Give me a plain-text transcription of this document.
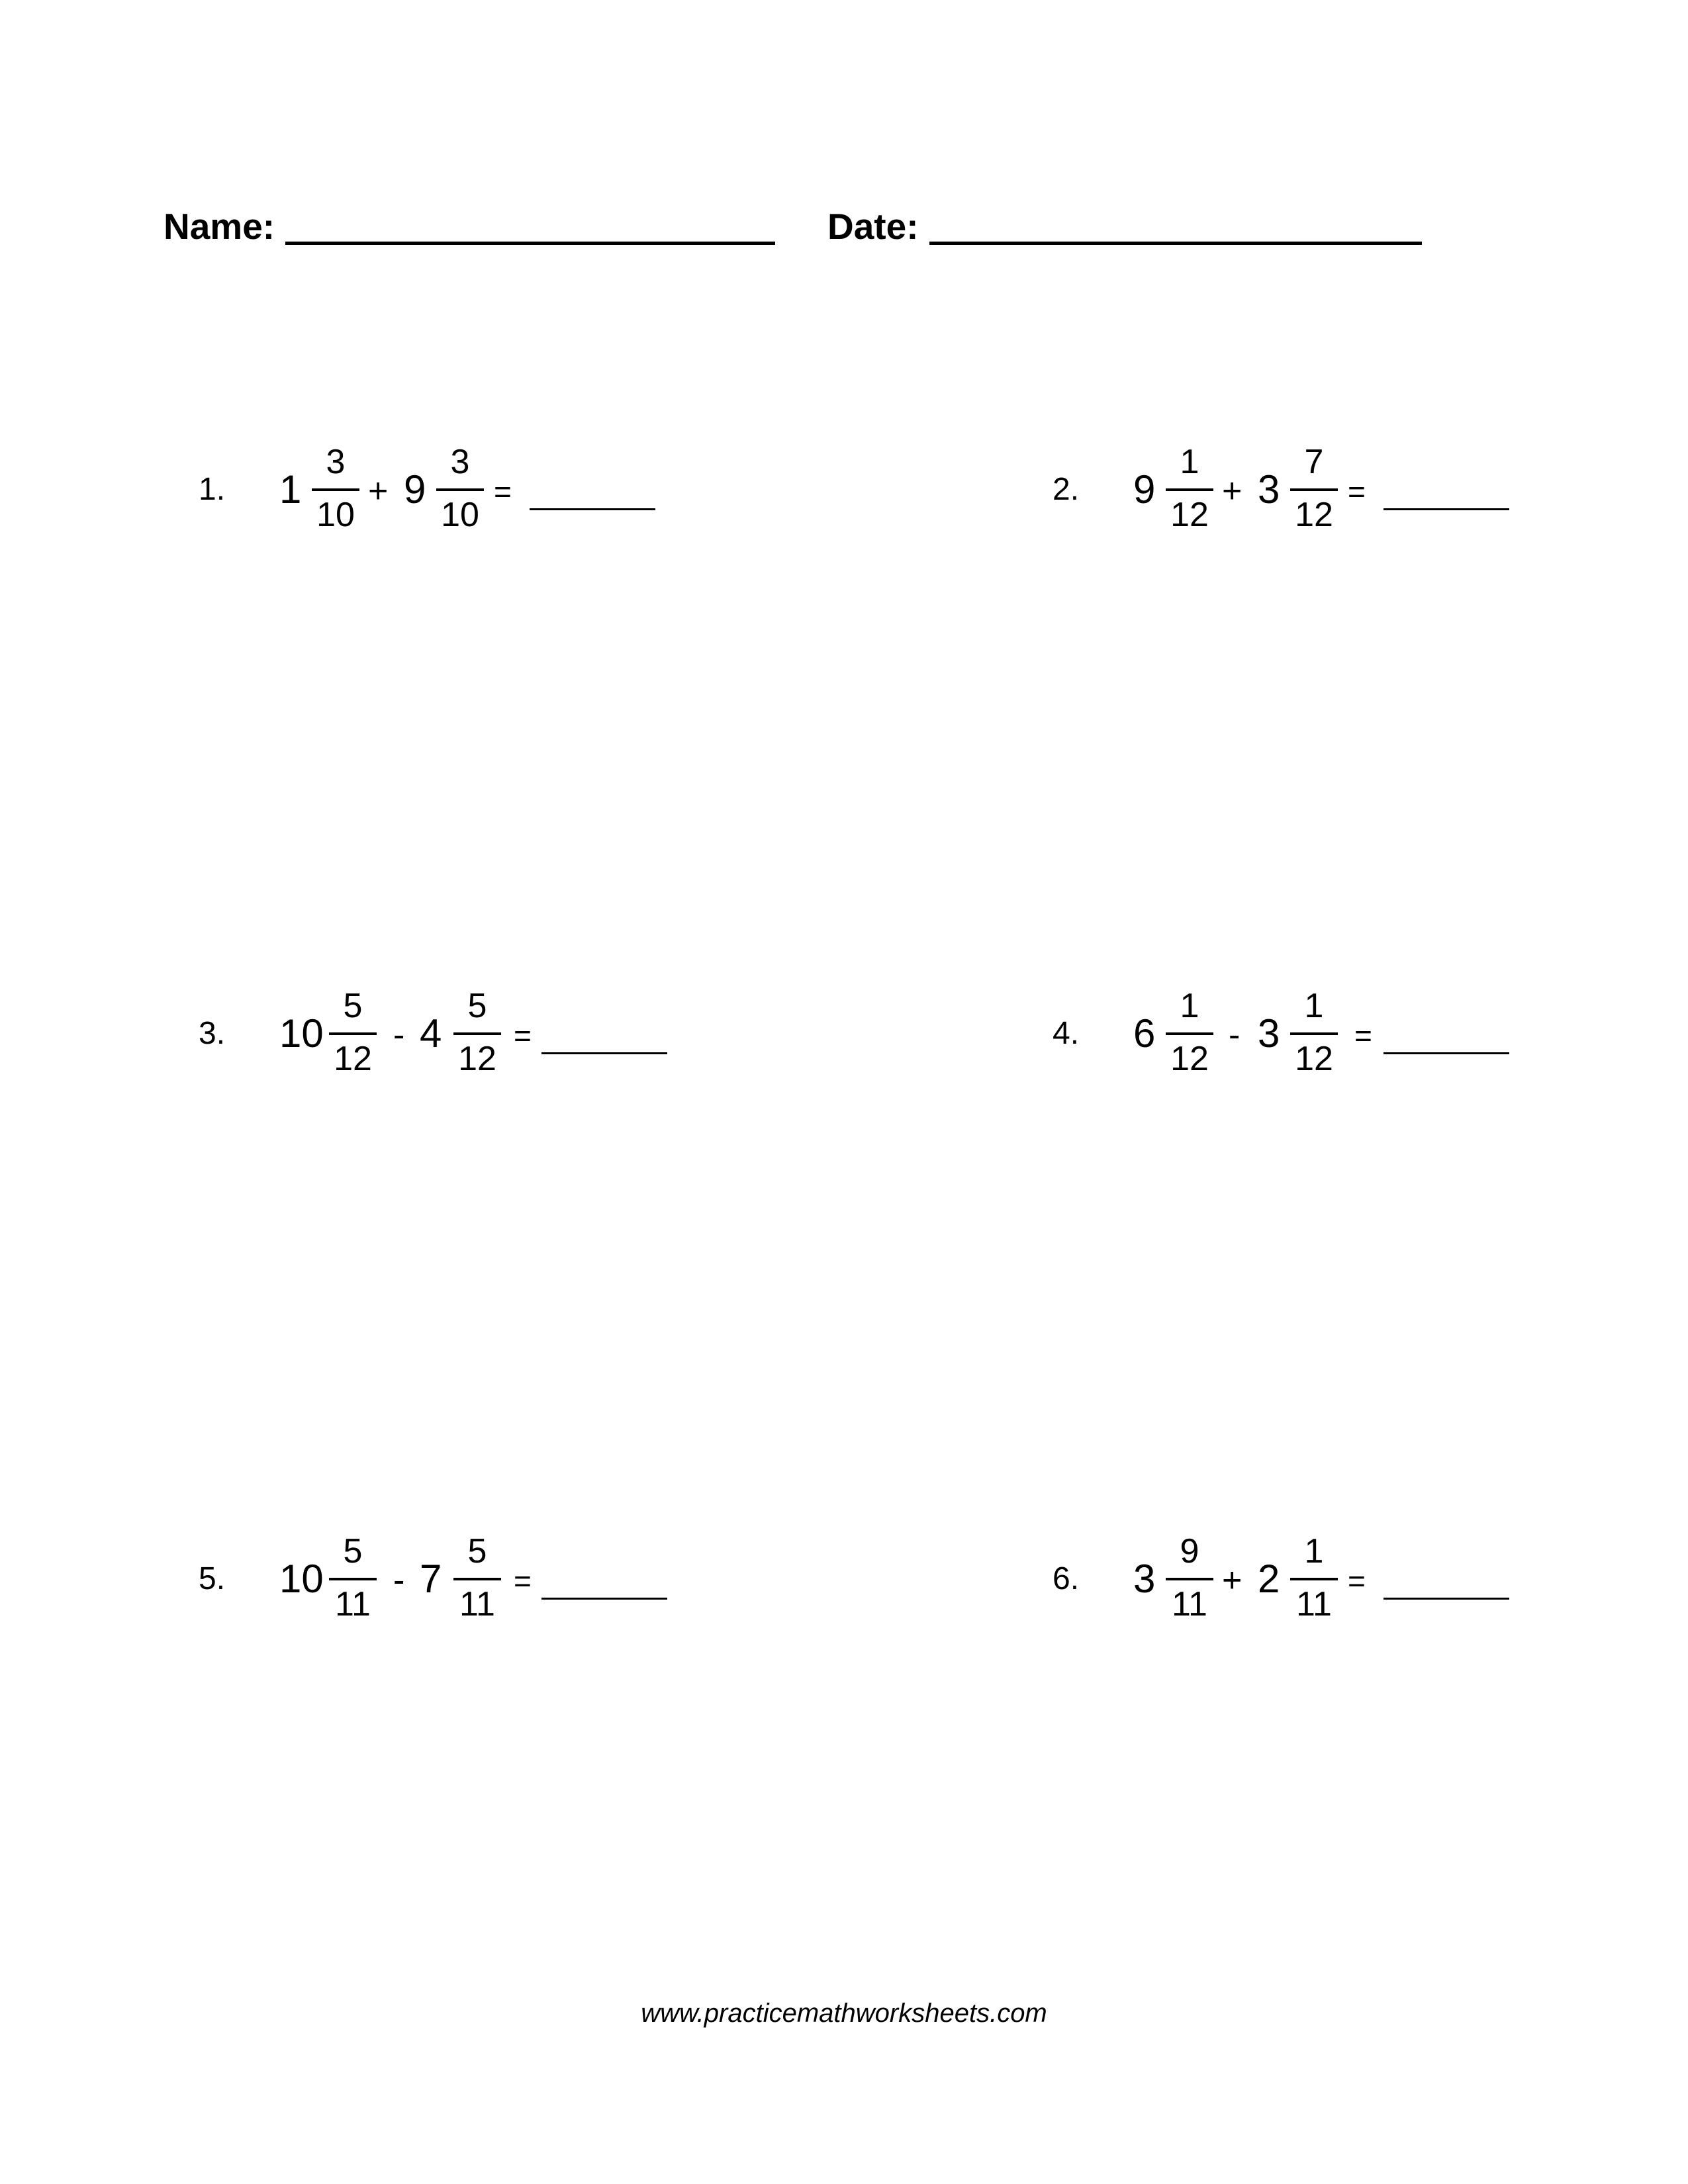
Name:	Date:
1. 1
3
10
+ 9
3
10
=	2. 9
1
12
+ 3
7
12
=
3. 10
5
12
- 4
5
12
=	4. 6
1
12
- 3
1
12
=
5. 10
5
11
- 7
5
11
=	6. 3
9
11
+ 2
1
11
=
www.practicemathworksheets.com
